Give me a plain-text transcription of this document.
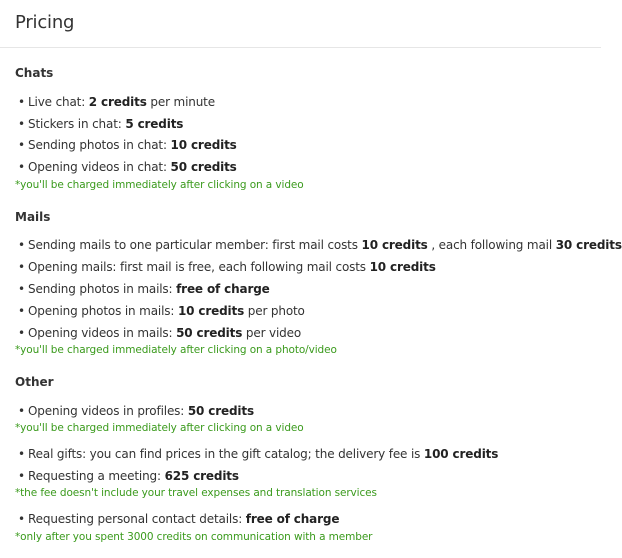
Pricing
Chats
• Live chat: 2 credits per minute
• Stickers in chat: 5 credits
• Sending photos in chat: 10 credits
• Opening videos in chat: 50 credits
*you'll be charged immediately after clicking on a video
Mails
• Sending mails to one particular member: first mail costs 10 credits , each following mail 30 credits
• Opening mails: first mail is free, each following mail costs 10 credits
• Sending photos in mails: free of charge
• Opening photos in mails: 10 credits per photo
• Opening videos in mails: 50 credits per video
*you'll be charged immediately after clicking on a photo/video
Other
• Opening videos in profiles: 50 credits
*you'll be charged immediately after clicking on a video
• Real gifts: you can find prices in the gift catalog; the delivery fee is 100 credits
• Requesting a meeting: 625 credits
*the fee doesn't include your travel expenses and translation services
• Requesting personal contact details: free of charge
*only after you spent 3000 credits on communication with a member
